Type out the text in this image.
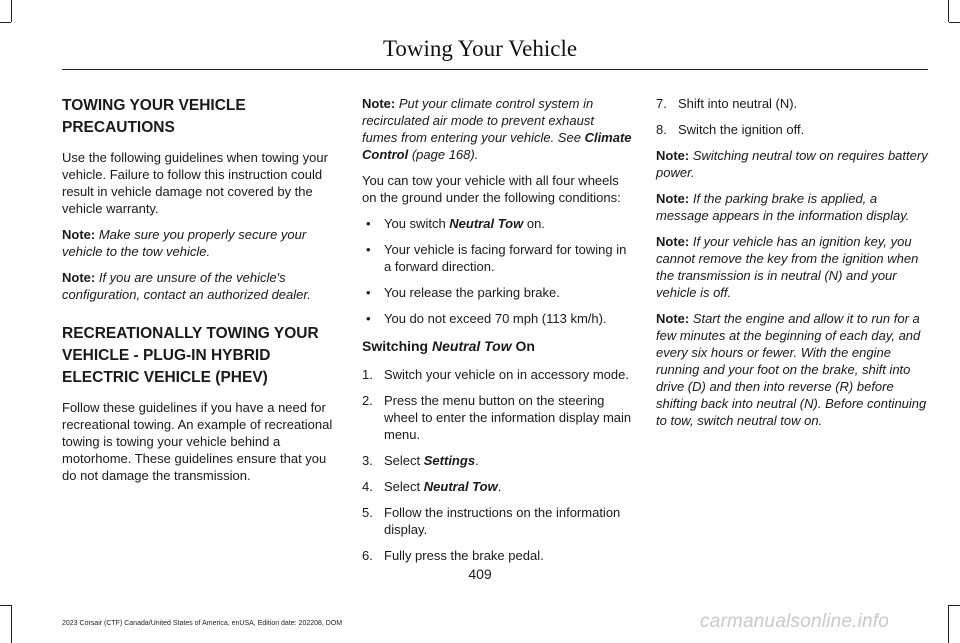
Towing Your Vehicle
TOWING YOUR VEHICLE
PRECAUTIONS

Use the following guidelines when towing your vehicle. Failure to follow this instruction could result in vehicle damage not covered by the vehicle warranty.

Note: Make sure you properly secure your vehicle to the tow vehicle.

Note: If you are unsure of the vehicle's configuration, contact an authorized dealer.

RECREATIONALLY TOWING YOUR
VEHICLE - PLUG-IN HYBRID
ELECTRIC VEHICLE (PHEV)

Follow these guidelines if you have a need for recreational towing. An example of recreational towing is towing your vehicle behind a motorhome. These guidelines ensure that you do not damage the transmission.

Note: Put your climate control system in recirculated air mode to prevent exhaust fumes from entering your vehicle. See Climate Control (page 168).

You can tow your vehicle with all four wheels on the ground under the following conditions:

• You switch Neutral Tow on.
• Your vehicle is facing forward for towing in a forward direction.
• You release the parking brake.
• You do not exceed 70 mph (113 km/h).
Switching Neutral Tow On
1. Switch your vehicle on in accessory mode.
2. Press the menu button on the steering wheel to enter the information display main menu.
3. Select Settings.
4. Select Neutral Tow.
5. Follow the instructions on the information display.
6. Fully press the brake pedal.
7. Shift into neutral (N).
8. Switch the ignition off.

Note: Switching neutral tow on requires battery power.

Note: If the parking brake is applied, a message appears in the information display.

Note: If your vehicle has an ignition key, you cannot remove the key from the ignition when the transmission is in neutral (N) and your vehicle is off.

Note: Start the engine and allow it to run for a few minutes at the beginning of each day, and every six hours or fewer. With the engine running and your foot on the brake, shift into drive (D) and then into reverse (R) before shifting back into neutral (N). Before continuing to tow, switch neutral tow on.

409
2023 Corsair (CTF) Canada/United States of America, enUSA, Edition date: 202208, DOM	carmanualsonline.info
